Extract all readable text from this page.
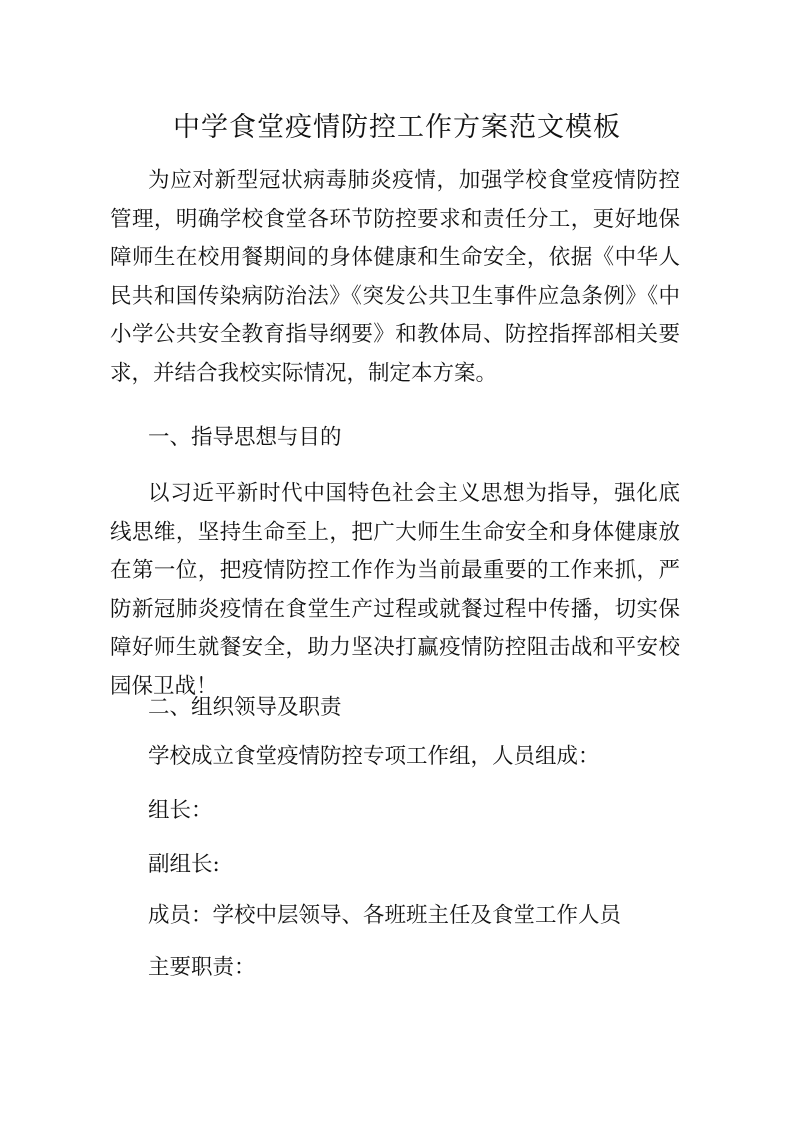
中学食堂疫情防控工作方案范文模板

为应对新型冠状病毒肺炎疫情，加强学校食堂疫情防控管理，明确学校食堂各环节防控要求和责任分工，更好地保障师生在校用餐期间的身体健康和生命安全，依据《中华人民共和国传染病防治法》《突发公共卫生事件应急条例》《中小学公共安全教育指导纲要》和教体局、防控指挥部相关要求，并结合我校实际情况，制定本方案。

一、指导思想与目的

以习近平新时代中国特色社会主义思想为指导，强化底线思维，坚持生命至上，把广大师生生命安全和身体健康放在第一位，把疫情防控工作作为当前最重要的工作来抓，严防新冠肺炎疫情在食堂生产过程或就餐过程中传播，切实保障好师生就餐安全，助力坚决打赢疫情防控阻击战和平安校园保卫战！

二、组织领导及职责

学校成立食堂疫情防控专项工作组，人员组成：

组长：

副组长:

成员：学校中层领导、各班班主任及食堂工作人员

主要职责：
